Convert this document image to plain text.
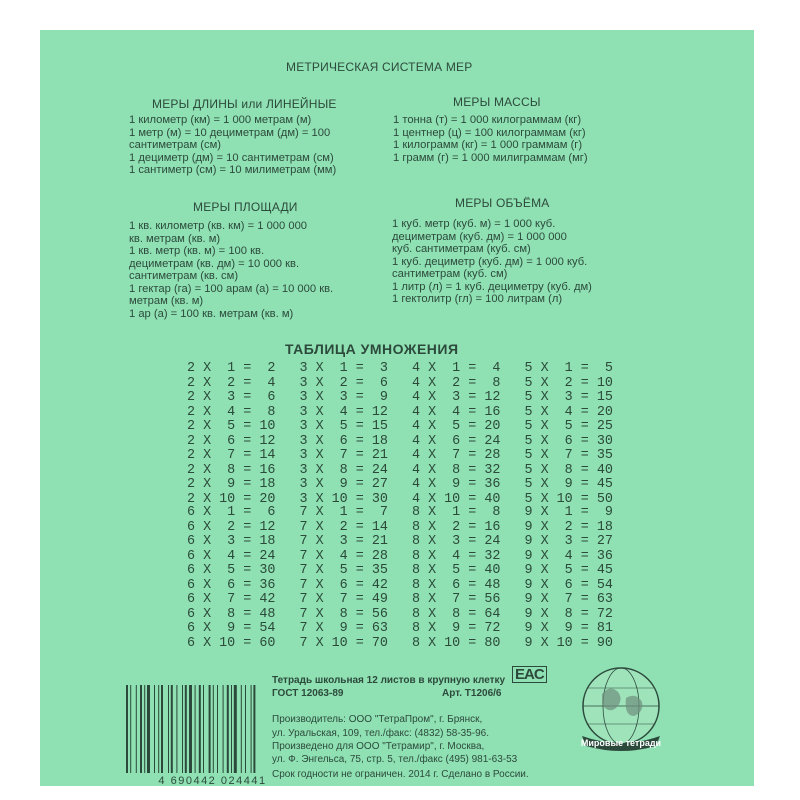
МЕТРИЧЕСКАЯ СИСТЕМА МЕР
МЕРЫ ДЛИНЫ или ЛИНЕЙНЫЕ
1 километр (км) = 1 000 метрам (м)
1 метр (м) = 10 дециметрам (дм) = 100
сантиметрам (см)
1 дециметр (дм) = 10 сантиметрам (см)
1 сантиметр (см) = 10 милиметрам (мм)
МЕРЫ МАССЫ
1 тонна (т) = 1 000 килограммам (кг)
1 центнер (ц) = 100 килограммам (кг)
1 килограмм (кг) = 1 000 граммам (г)
1 грамм (г) = 1 000 милиграммам (мг)
МЕРЫ ПЛОЩАДИ
1 кв. километр (кв. км) = 1 000 000
кв. метрам (кв. м)
1 кв. метр (кв. м) = 100 кв.
дециметрам (кв. дм) = 10 000 кв.
сантиметрам (кв. см)
1 гектар (га) = 100 арам (а) = 10 000 кв.
метрам (кв. м)
1 ар (а) = 100 кв. метрам (кв. м)
МЕРЫ ОБЪЁМА
1 куб. метр (куб. м) = 1 000 куб.
дециметрам (куб. дм) = 1 000 000
куб. сантиметрам (куб. см)
1 куб. дециметр (куб. дм) = 1 000 куб.
сантиметрам (куб. см)
1 литр (л) = 1 куб. дециметру (куб. дм)
1 гектолитр (гл) = 100 литрам (л)
ТАБЛИЦА УМНОЖЕНИЯ
2 X  1 =  2   3 X  1 =  3   4 X  1 =  4   5 X  1 =  5
2 X  2 =  4   3 X  2 =  6   4 X  2 =  8   5 X  2 = 10
2 X  3 =  6   3 X  3 =  9   4 X  3 = 12   5 X  3 = 15
2 X  4 =  8   3 X  4 = 12   4 X  4 = 16   5 X  4 = 20
2 X  5 = 10   3 X  5 = 15   4 X  5 = 20   5 X  5 = 25
2 X  6 = 12   3 X  6 = 18   4 X  6 = 24   5 X  6 = 30
2 X  7 = 14   3 X  7 = 21   4 X  7 = 28   5 X  7 = 35
2 X  8 = 16   3 X  8 = 24   4 X  8 = 32   5 X  8 = 40
2 X  9 = 18   3 X  9 = 27   4 X  9 = 36   5 X  9 = 45
2 X 10 = 20   3 X 10 = 30   4 X 10 = 40   5 X 10 = 50
6 X  1 =  6   7 X  1 =  7   8 X  1 =  8   9 X  1 =  9
6 X  2 = 12   7 X  2 = 14   8 X  2 = 16   9 X  2 = 18
6 X  3 = 18   7 X  3 = 21   8 X  3 = 24   9 X  3 = 27
6 X  4 = 24   7 X  4 = 28   8 X  4 = 32   9 X  4 = 36
6 X  5 = 30   7 X  5 = 35   8 X  5 = 40   9 X  5 = 45
6 X  6 = 36   7 X  6 = 42   8 X  6 = 48   9 X  6 = 54
6 X  7 = 42   7 X  7 = 49   8 X  7 = 56   9 X  7 = 63
6 X  8 = 48   7 X  8 = 56   8 X  8 = 64   9 X  8 = 72
6 X  9 = 54   7 X  9 = 63   8 X  9 = 72   9 X  9 = 81
6 X 10 = 60   7 X 10 = 70   8 X 10 = 80   9 X 10 = 90
4 690442 024441
Тетрадь школьная 12 листов в крупную клетку
ГОСТ 12063-89	Арт. Т1206/6
EAC
Производитель: ООО "ТетраПром", г. Брянск,
ул. Уральская, 109, тел./факс: (4832) 58-35-96.
Произведено для ООО "Тетрамир", г. Москва,
ул. Ф. Энгельса, 75, стр. 5, тел./факс (495) 981-63-53
Срок годности не ограничен. 2014 г. Сделано в России.
Мировые тетради
